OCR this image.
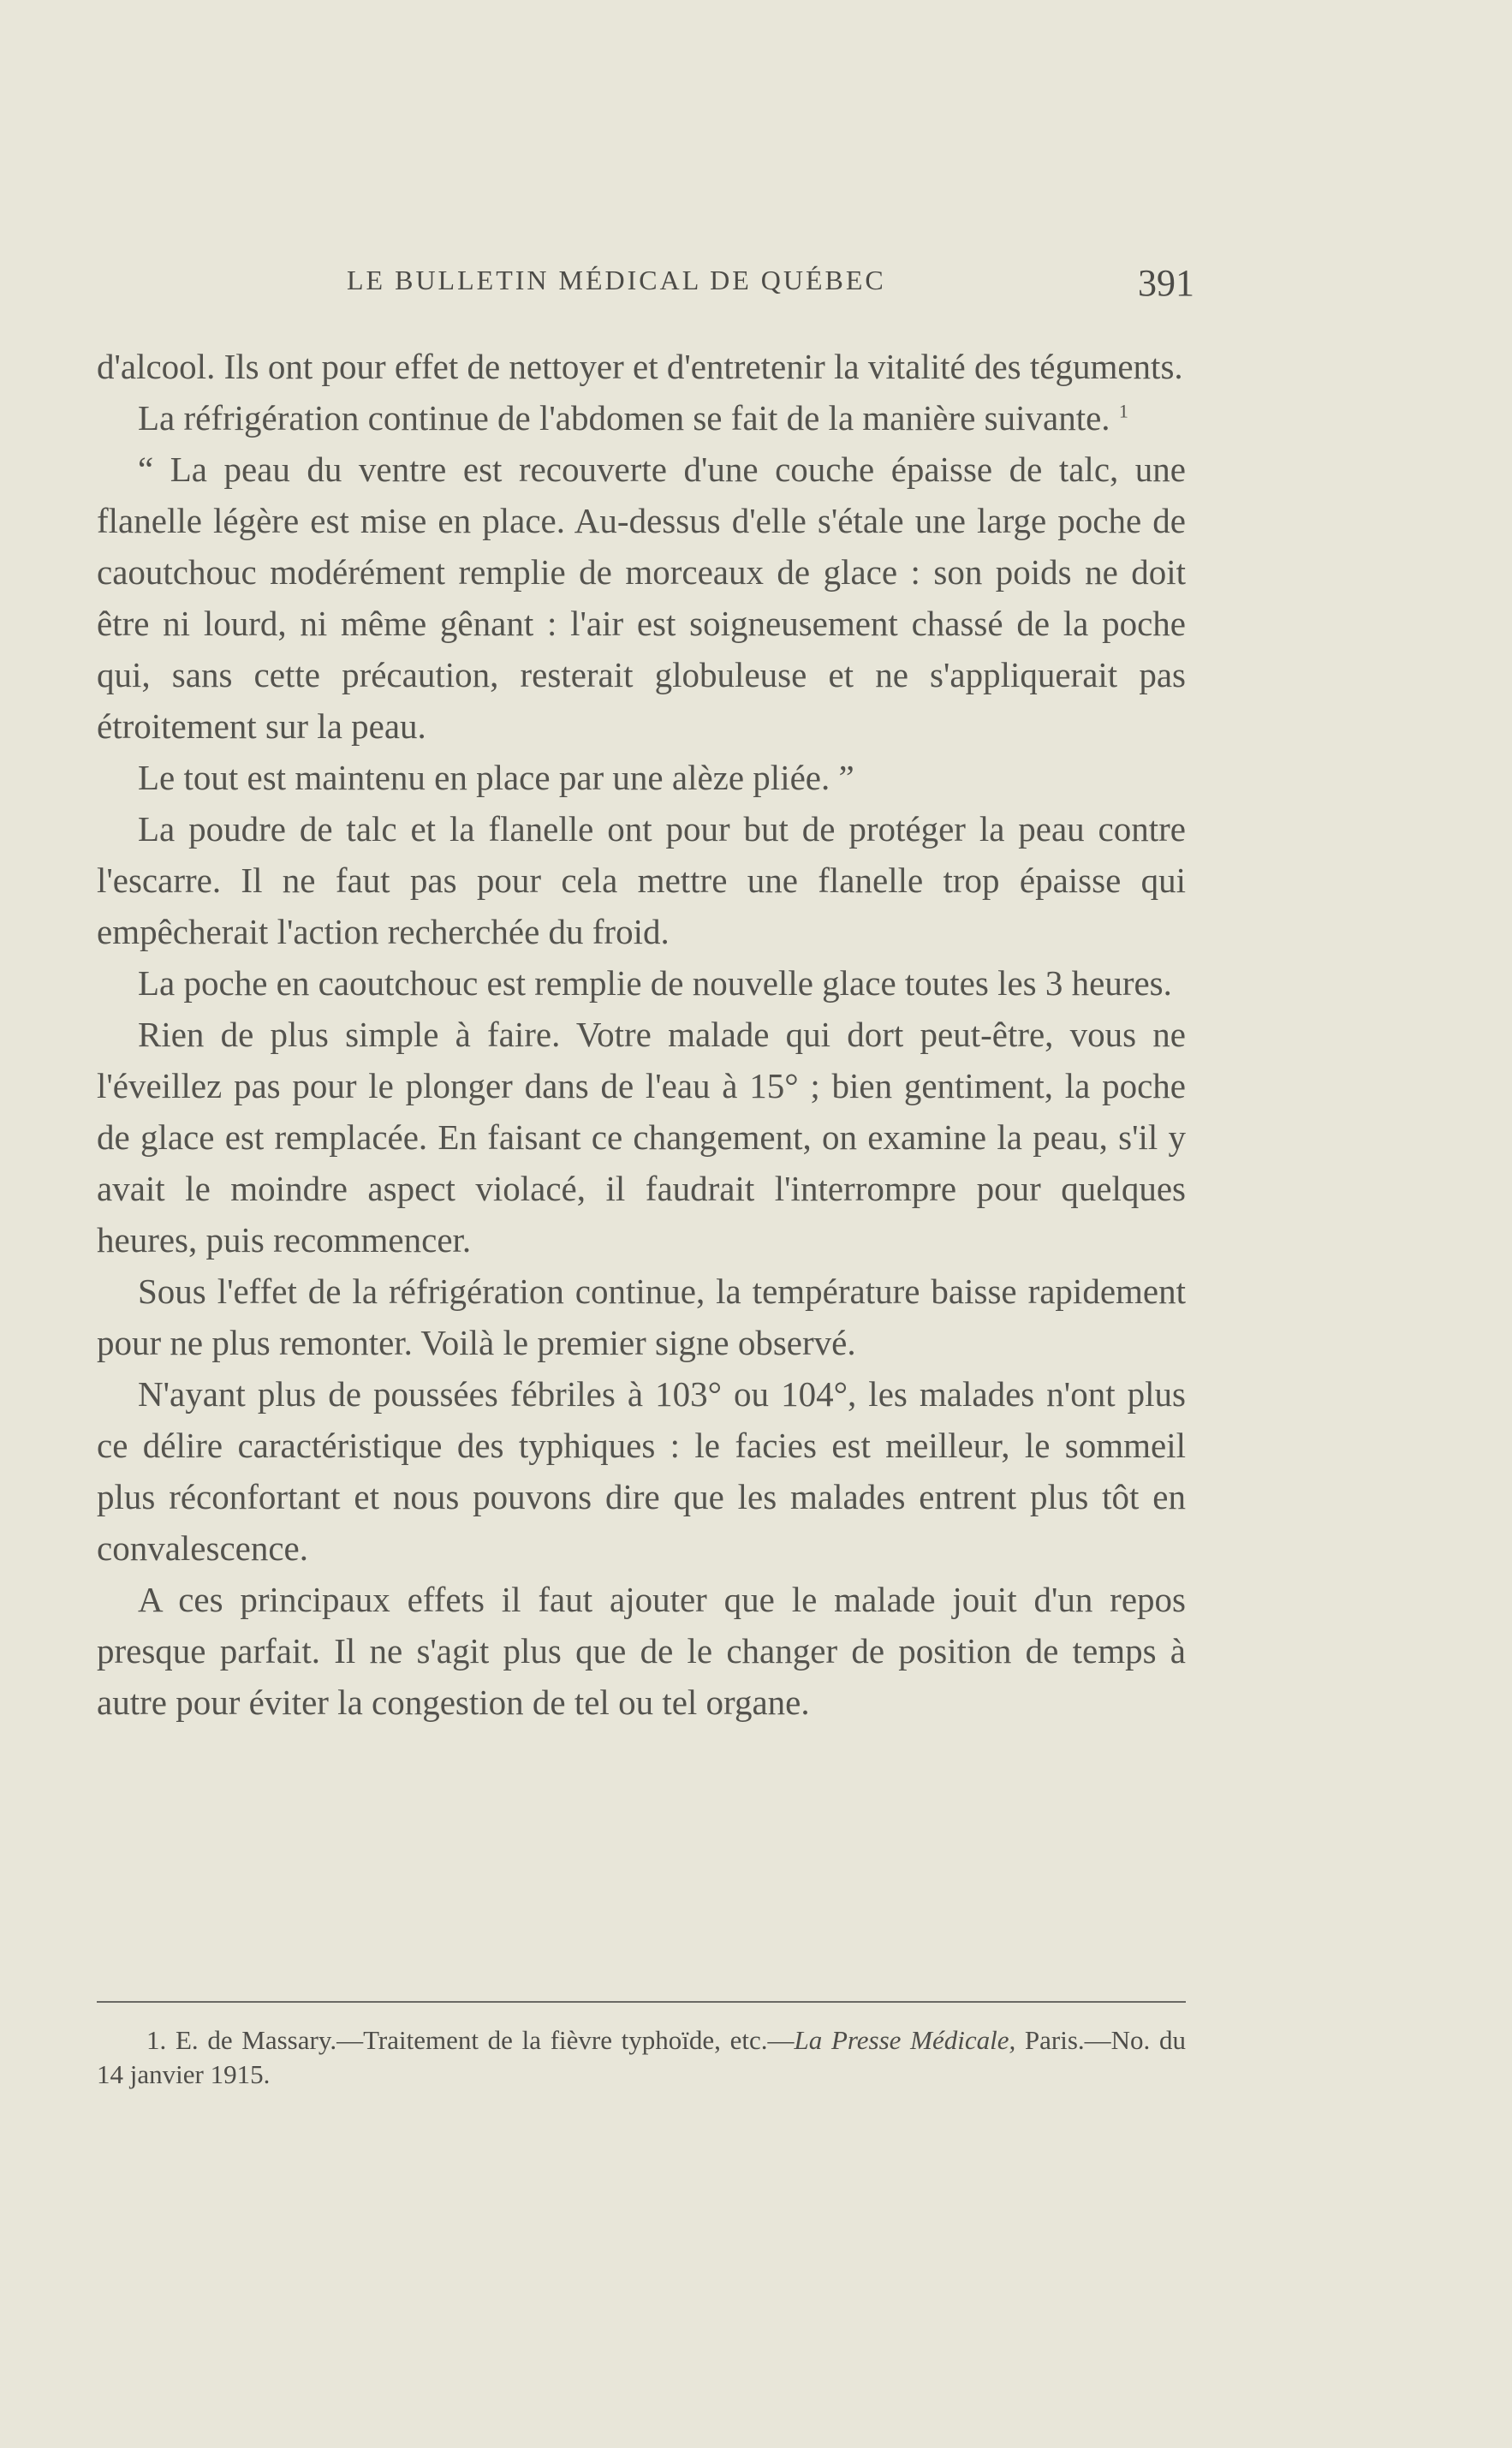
LE BULLETIN MÉDICAL DE QUÉBEC	391

d'alcool. Ils ont pour effet de nettoyer et d'entretenir la vitalité des téguments.

La réfrigération continue de l'abdomen se fait de la manière suivante. $^1$

“ La peau du ventre est recouverte d'une couche épaisse de talc, une flanelle légère est mise en place. Au-dessus d'elle s'étale une large poche de caoutchouc modérément remplie de morceaux de glace : son poids ne doit être ni lourd, ni même gênant : l'air est soigneusement chassé de la poche qui, sans cette précaution, resterait globuleuse et ne s'appliquerait pas étroitement sur la peau.

Le tout est maintenu en place par une alèze pliée. ”

La poudre de talc et la flanelle ont pour but de protéger la peau contre l'escarre. Il ne faut pas pour cela mettre une flanelle trop épaisse qui empêcherait l'action recherchée du froid.

La poche en caoutchouc est remplie de nouvelle glace toutes les 3 heures.

Rien de plus simple à faire. Votre malade qui dort peut-être, vous ne l'éveillez pas pour le plonger dans de l'eau à 15° ; bien gentiment, la poche de glace est remplacée. En faisant ce changement, on examine la peau, s'il y avait le moindre aspect violacé, il faudrait l'interrompre pour quelques heures, puis recommencer.

Sous l'effet de la réfrigération continue, la température baisse rapidement pour ne plus remonter. Voilà le premier signe observé.

N'ayant plus de poussées fébriles à 103° ou 104°, les malades n'ont plus ce délire caractéristique des typhiques : le facies est meilleur, le sommeil plus réconfortant et nous pouvons dire que les malades entrent plus tôt en convalescence.

A ces principaux effets il faut ajouter que le malade jouit d'un repos presque parfait. Il ne s'agit plus que de le changer de position de temps à autre pour éviter la congestion de tel ou tel organe.

1. E. de Massary.—Traitement de la fièvre typhoïde, etc.—La Presse Médicale, Paris.—No. du 14 janvier 1915.
